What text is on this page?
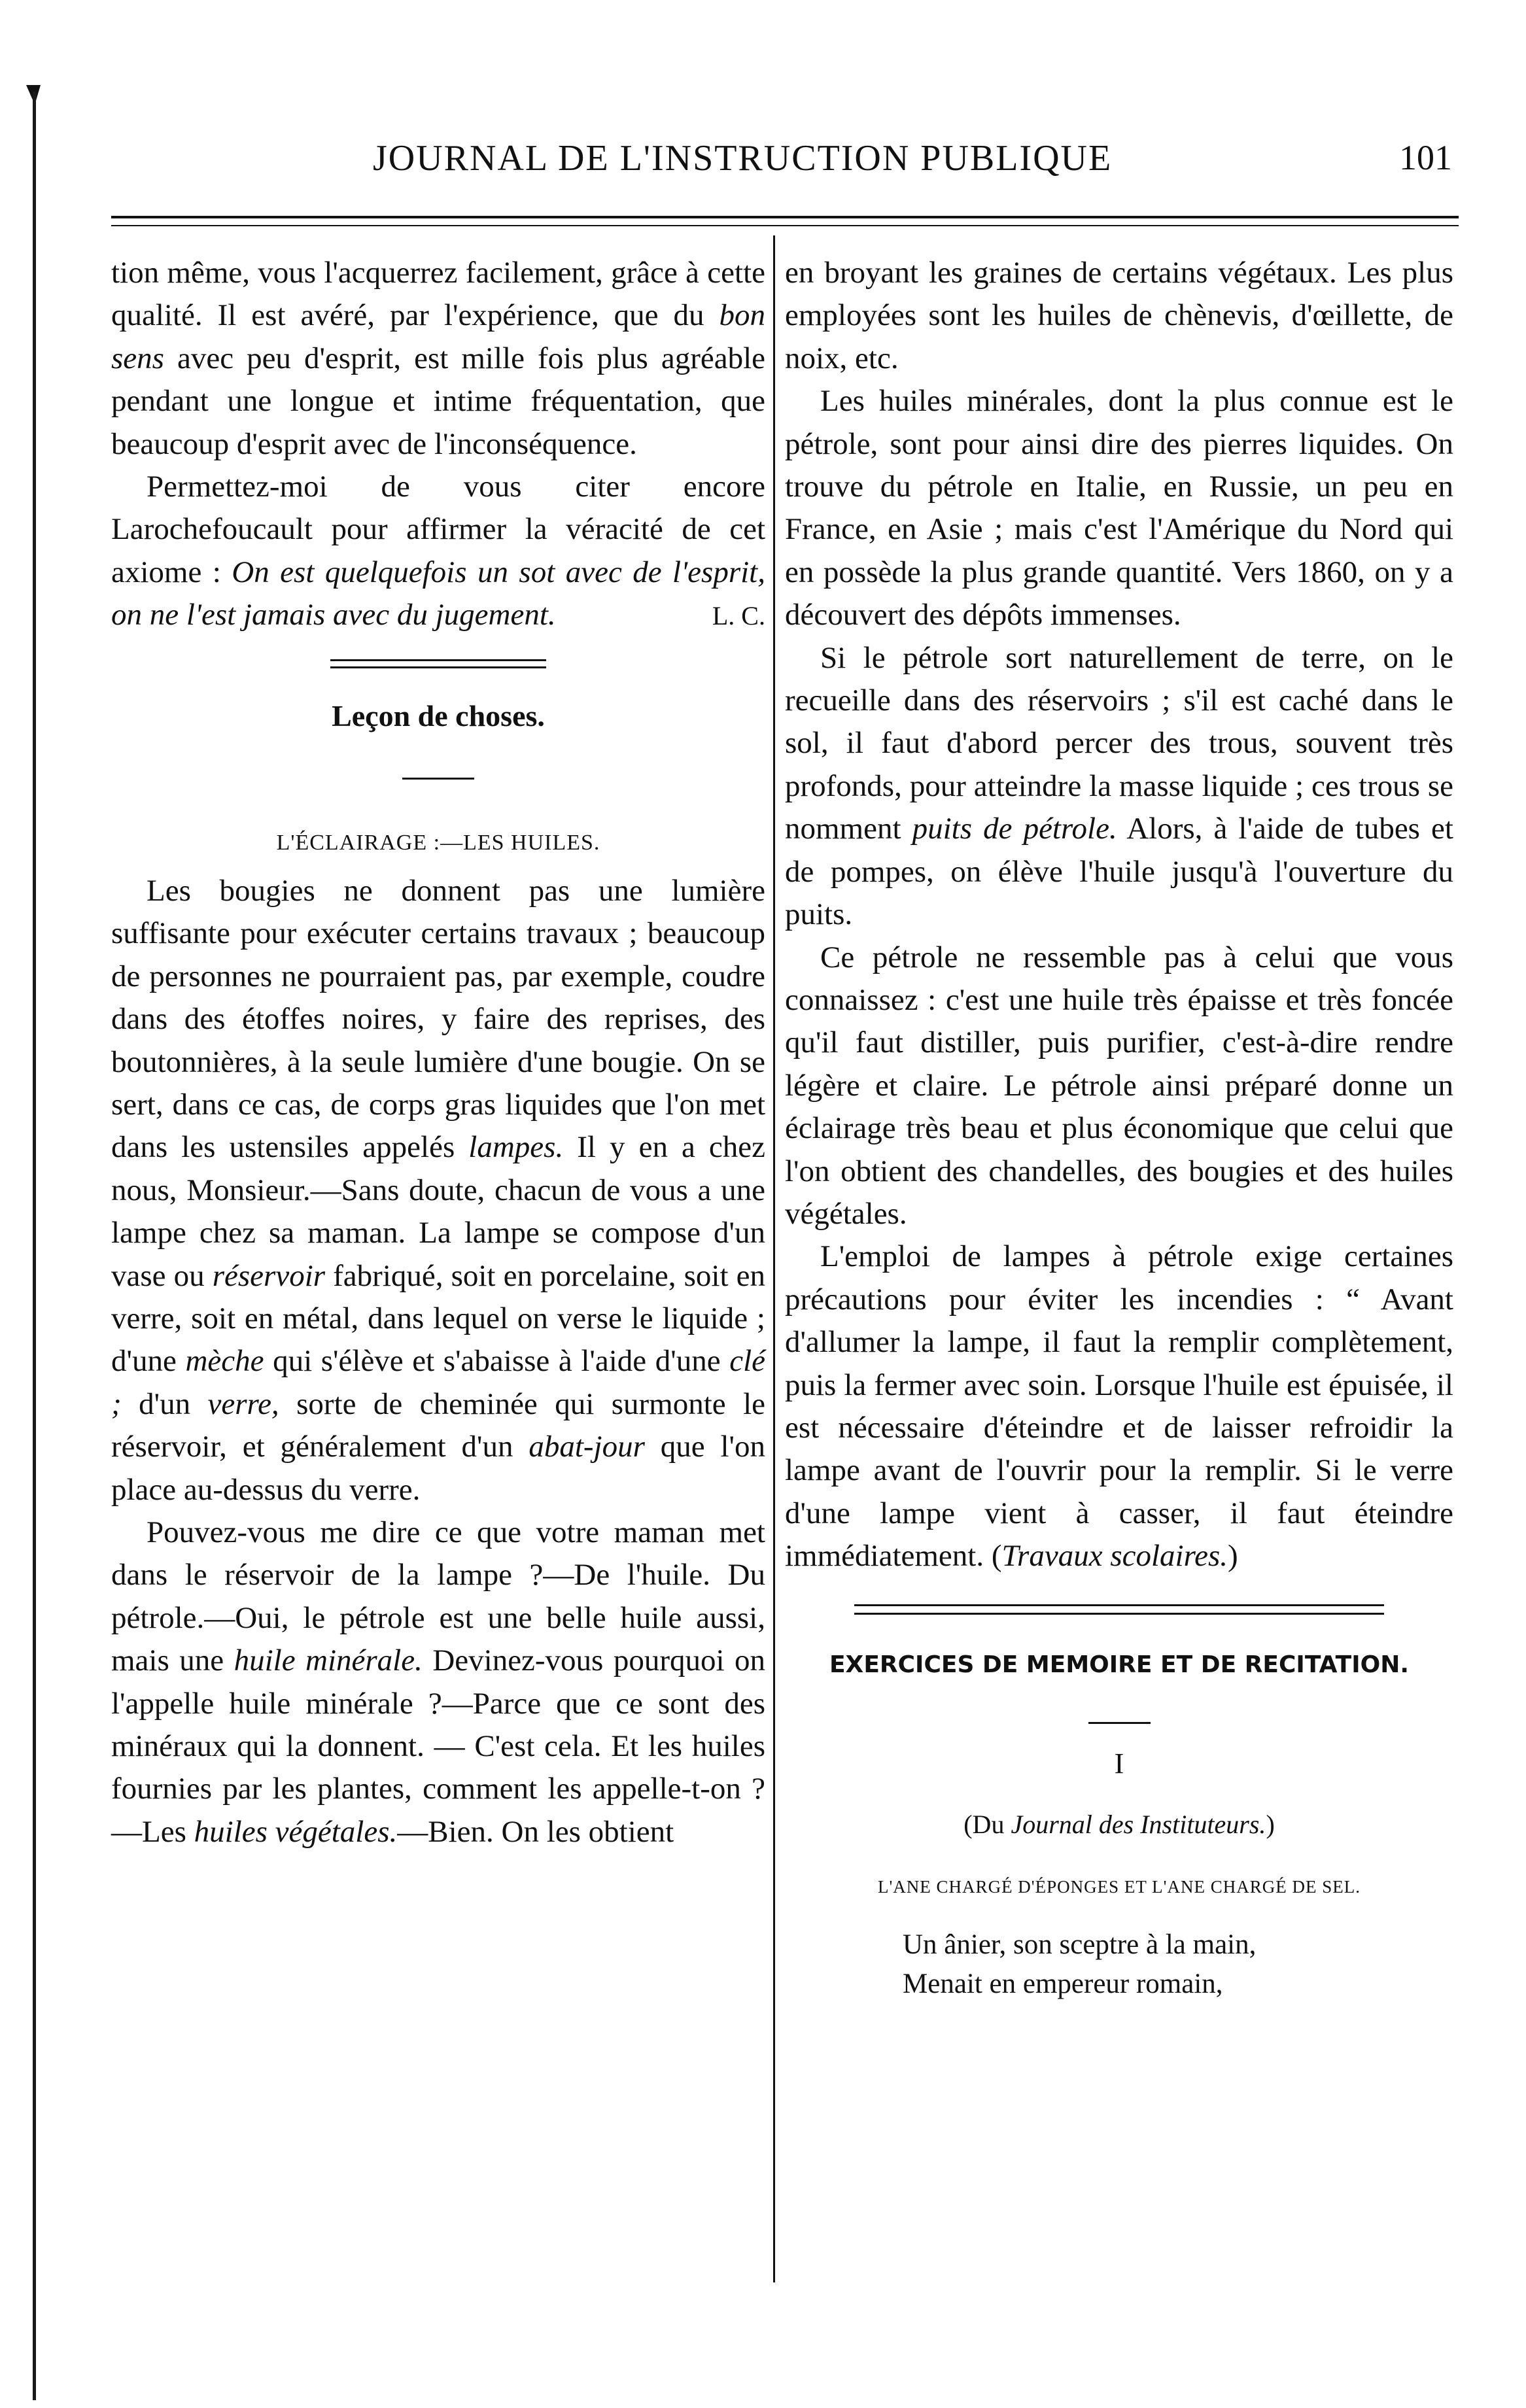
JOURNAL DE L'INSTRUCTION PUBLIQUE	101

tion même, vous l'acquerrez facilement, grâce à cette qualité. Il est avéré, par l'expérience, que du bon sens avec peu d'esprit, est mille fois plus agréable pendant une longue et intime fréquentation, que beaucoup d'esprit avec de l'inconséquence.

Permettez-moi de vous citer encore Larochefoucault pour affirmer la véracité de cet axiome : On est quelquefois un sot avec de l'esprit, on ne l'est jamais avec du jugement.	L. C.
Leçon de choses.
L'ÉCLAIRAGE :—LES HUILES.

Les bougies ne donnent pas une lumière suffisante pour exécuter certains travaux ; beaucoup de personnes ne pourraient pas, par exemple, coudre dans des étoffes noires, y faire des reprises, des boutonnières, à la seule lumière d'une bougie. On se sert, dans ce cas, de corps gras liquides que l'on met dans les ustensiles appelés lampes. Il y en a chez nous, Monsieur.—Sans doute, chacun de vous a une lampe chez sa maman. La lampe se compose d'un vase ou réservoir fabriqué, soit en porcelaine, soit en verre, soit en métal, dans lequel on verse le liquide ; d'une mèche qui s'élève et s'abaisse à l'aide d'une clé ; d'un verre, sorte de cheminée qui surmonte le réservoir, et généralement d'un abat-jour que l'on place au-dessus du verre.

Pouvez-vous me dire ce que votre maman met dans le réservoir de la lampe ?—De l'huile. Du pétrole.—Oui, le pétrole est une belle huile aussi, mais une huile minérale. Devinez-vous pourquoi on l'appelle huile minérale ?—Parce que ce sont des minéraux qui la donnent. — C'est cela. Et les huiles fournies par les plantes, comment les appelle-t-on ?—Les huiles végétales.—Bien. On les obtient

en broyant les graines de certains végétaux. Les plus employées sont les huiles de chènevis, d'œillette, de noix, etc.

Les huiles minérales, dont la plus connue est le pétrole, sont pour ainsi dire des pierres liquides. On trouve du pétrole en Italie, en Russie, un peu en France, en Asie ; mais c'est l'Amérique du Nord qui en possède la plus grande quantité. Vers 1860, on y a découvert des dépôts immenses.

Si le pétrole sort naturellement de terre, on le recueille dans des réservoirs ; s'il est caché dans le sol, il faut d'abord percer des trous, souvent très profonds, pour atteindre la masse liquide ; ces trous se nomment puits de pétrole. Alors, à l'aide de tubes et de pompes, on élève l'huile jusqu'à l'ouverture du puits.

Ce pétrole ne ressemble pas à celui que vous connaissez : c'est une huile très épaisse et très foncée qu'il faut distiller, puis purifier, c'est-à-dire rendre légère et claire. Le pétrole ainsi préparé donne un éclairage très beau et plus économique que celui que l'on obtient des chandelles, des bougies et des huiles végétales.

L'emploi de lampes à pétrole exige certaines précautions pour éviter les incendies : “ Avant d'allumer la lampe, il faut la remplir complètement, puis la fermer avec soin. Lorsque l'huile est épuisée, il est nécessaire d'éteindre et de laisser refroidir la lampe avant de l'ouvrir pour la remplir. Si le verre d'une lampe vient à casser, il faut éteindre immédiatement. (Travaux scolaires.)

EXERCICES DE MEMOIRE ET DE RECITATION.
I
(Du Journal des Instituteurs.)
L'ANE CHARGÉ D'ÉPONGES ET L'ANE CHARGÉ DE SEL.
Un ânier, son sceptre à la main,
Menait en empereur romain,
